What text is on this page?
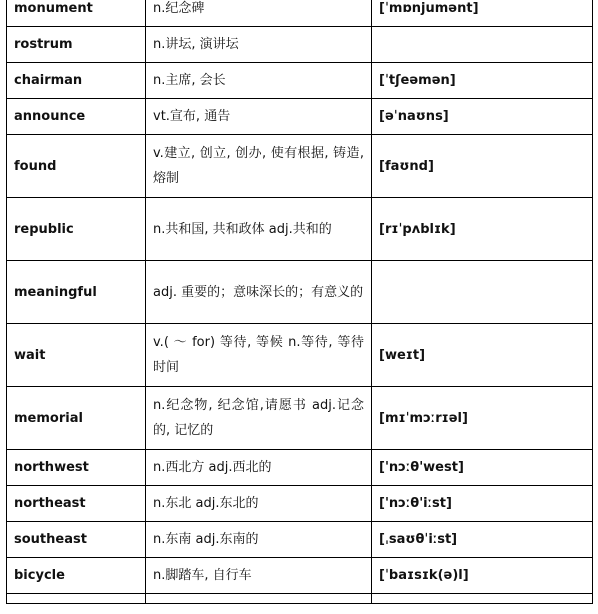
monument	n.纪念碑	[ˈmɒnjumənt]
rostrum	n.讲坛, 演讲坛	
chairman	n.主席, 会长	[ˈtʃeəmən]
announce	vt.宣布, 通告	[əˈnaʊns]
found	v.建立, 创立, 创办, 使有根据, 铸造, 熔制	[faʊnd]
republic	n.共和国, 共和政体 adj.共和的	[rɪˈpʌblɪk]
meaningful	adj. 重要的；意味深长的；有意义的	
wait	v.( ～ for) 等待, 等候 n.等待, 等待时间	[weɪt]
memorial	n.纪念物, 纪念馆,请愿书 adj.记念的, 记忆的	[mɪˈmɔːrɪəl]
northwest	n.西北方 adj.西北的	['nɔːθ'west]
northeast	n.东北 adj.东北的	['nɔːθ'iːst]
southeast	n.东南 adj.东南的	[ˌsaʊθˈiːst]
bicycle	n.脚踏车, 自行车	[ˈbaɪsɪk(ə)l]
